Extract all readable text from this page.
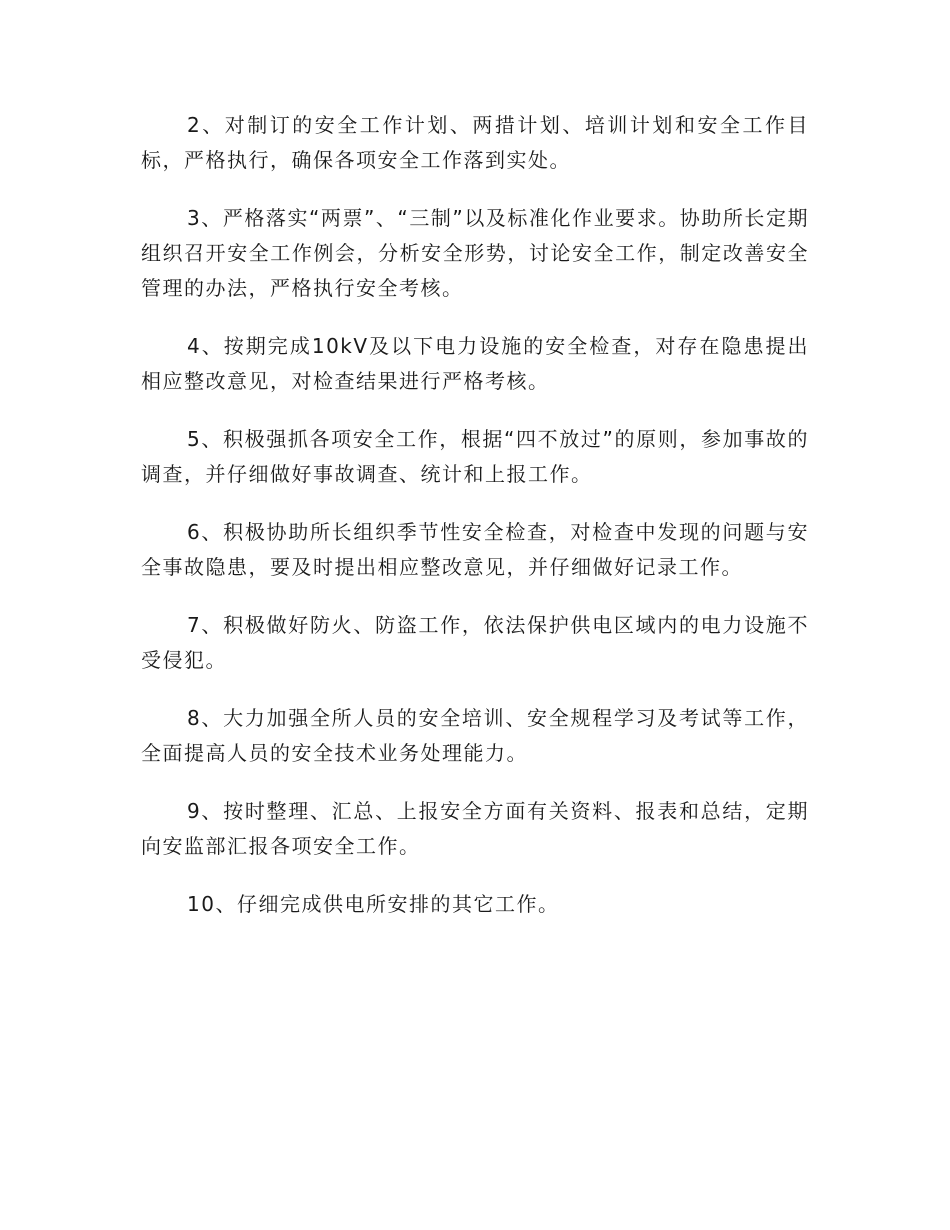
2、对制订的安全工作计划、两措计划、培训计划和安全工作目标，严格执行，确保各项安全工作落到实处。

3、严格落实“两票”、“三制”以及标准化作业要求。协助所长定期组织召开安全工作例会，分析安全形势，讨论安全工作，制定改善安全管理的办法，严格执行安全考核。

4、按期完成10kV及以下电力设施的安全检查，对存在隐患提出相应整改意见，对检查结果进行严格考核。

5、积极强抓各项安全工作，根据“四不放过”的原则，参加事故的调查，并仔细做好事故调查、统计和上报工作。

6、积极协助所长组织季节性安全检查，对检查中发现的问题与安全事故隐患，要及时提出相应整改意见，并仔细做好记录工作。

7、积极做好防火、防盗工作，依法保护供电区域内的电力设施不受侵犯。

8、大力加强全所人员的安全培训、安全规程学习及考试等工作，全面提高人员的安全技术业务处理能力。

9、按时整理、汇总、上报安全方面有关资料、报表和总结，定期向安监部汇报各项安全工作。

10、仔细完成供电所安排的其它工作。
